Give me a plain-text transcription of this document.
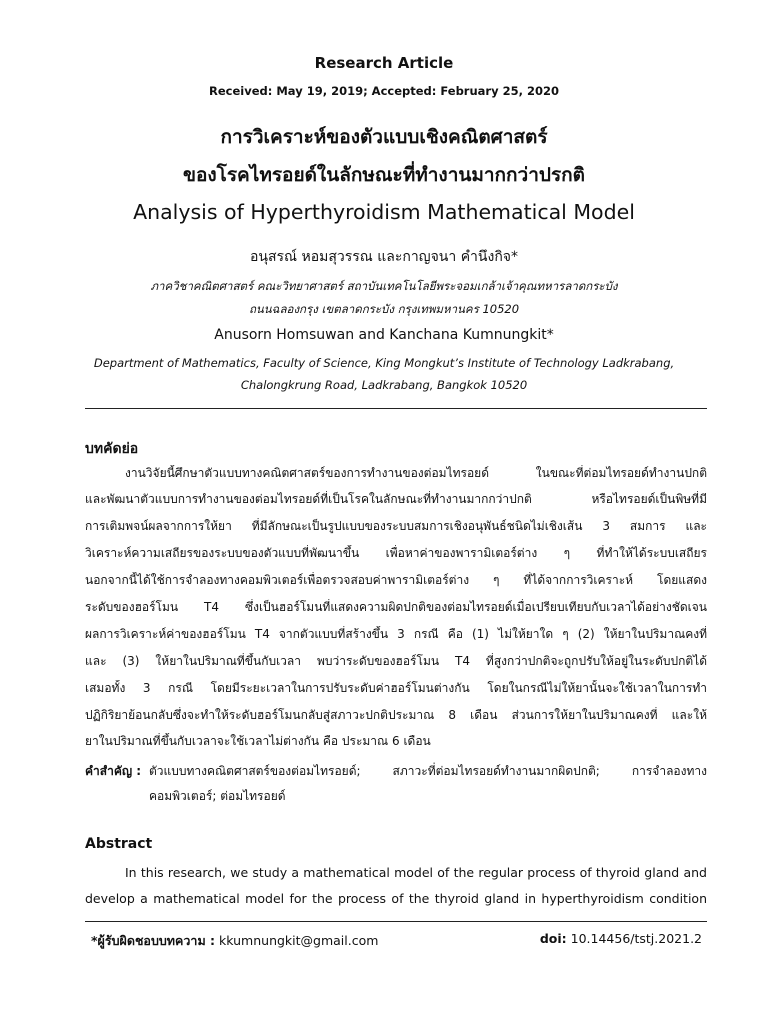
Research Article
Received: May 19, 2019; Accepted: February 25, 2020
การวิเคราะห์ของตัวแบบเชิงคณิตศาสตร์
ของโรคไทรอยด์ในลักษณะที่ทำงานมากกว่าปรกติ
Analysis of Hyperthyroidism Mathematical Model
อนุสรณ์ หอมสุวรรณ และกาญจนา คำนึงกิจ*
ภาควิชาคณิตศาสตร์ คณะวิทยาศาสตร์ สถาบันเทคโนโลยีพระจอมเกล้าเจ้าคุณทหารลาดกระบัง
ถนนฉลองกรุง เขตลาดกระบัง กรุงเทพมหานคร 10520
Anusorn Homsuwan and Kanchana Kumnungkit*
Department of Mathematics, Faculty of Science, King Mongkut’s Institute of Technology Ladkrabang,
Chalongkrung Road, Ladkrabang, Bangkok 10520
บทคัดย่อ
งานวิจัยนี้ศึกษาตัวแบบทางคณิตศาสตร์ของการทำงานของต่อมไทรอยด์ ในขณะที่ต่อมไทรอยด์ทำงานปกติ
และพัฒนาตัวแบบการทำงานของต่อมไทรอยด์ที่เป็นโรคในลักษณะที่ทำงานมากกว่าปกติ หรือไทรอยด์เป็นพิษที่มี
การเติมพจน์ผลจากการให้ยา ที่มีลักษณะเป็นรูปแบบของระบบสมการเชิงอนุพันธ์ชนิดไม่เชิงเส้น 3 สมการ และ
วิเคราะห์ความเสถียรของระบบของตัวแบบที่พัฒนาขึ้น เพื่อหาค่าของพารามิเตอร์ต่าง ๆ ที่ทำให้ได้ระบบเสถียร
นอกจากนี้ได้ใช้การจำลองทางคอมพิวเตอร์เพื่อตรวจสอบค่าพารามิเตอร์ต่าง ๆ ที่ได้จากการวิเคราะห์ โดยแสดง
ระดับของฮอร์โมน T4 ซึ่งเป็นฮอร์โมนที่แสดงความผิดปกติของต่อมไทรอยด์เมื่อเปรียบเทียบกับเวลาได้อย่างชัดเจน
ผลการวิเคราะห์ค่าของฮอร์โมน T4 จากตัวแบบที่สร้างขึ้น 3 กรณี คือ (1) ไม่ให้ยาใด ๆ (2) ให้ยาในปริมาณคงที่
และ (3) ให้ยาในปริมาณที่ขึ้นกับเวลา พบว่าระดับของฮอร์โมน T4 ที่สูงกว่าปกติจะถูกปรับให้อยู่ในระดับปกติได้
เสมอทั้ง 3 กรณี โดยมีระยะเวลาในการปรับระดับค่าฮอร์โมนต่างกัน โดยในกรณีไม่ให้ยานั้นจะใช้เวลาในการทำ
ปฏิกิริยาย้อนกลับซึ่งจะทำให้ระดับฮอร์โมนกลับสู่สภาวะปกติประมาณ 8 เดือน ส่วนการให้ยาในปริมาณคงที่ และให้
ยาในปริมาณที่ขึ้นกับเวลาจะใช้เวลาไม่ต่างกัน คือ ประมาณ 6 เดือน
คำสำคัญ : ตัวแบบทางคณิตศาสตร์ของต่อมไทรอยด์; สภาวะที่ต่อมไทรอยด์ทำงานมากผิดปกติ; การจำลองทาง
คอมพิวเตอร์; ต่อมไทรอยด์
Abstract
In this research, we study a mathematical model of the regular process of thyroid gland and
develop a mathematical model for the process of the thyroid gland in hyperthyroidism condition
*ผู้รับผิดชอบบทความ : kkumnungkit@gmail.com	doi: 10.14456/tstj.2021.2
